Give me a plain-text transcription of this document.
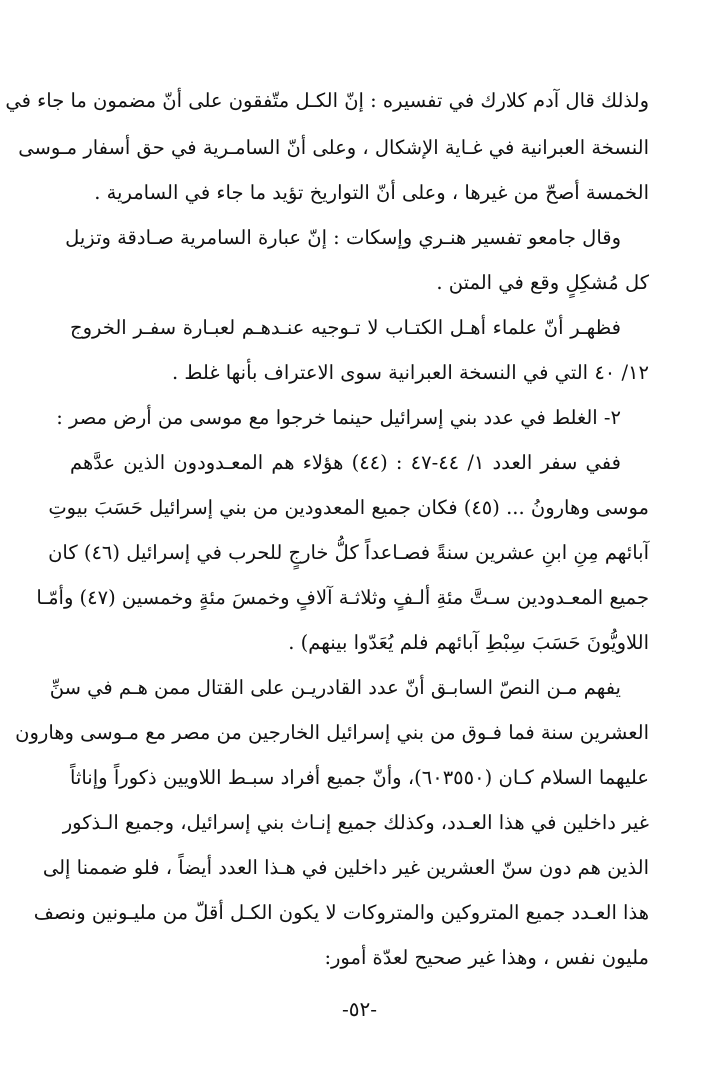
ولذلك قال آدم كلارك في تفسيره : إنّ الكـل متّفقون على أنّ مضمون ما جاء في
النسخة العبرانية في غـاية الإشكال ، وعلى أنّ السامـرية في حق أسفار مـوسى
الخمسة أصحّ من غيرها ، وعلى أنّ التواريخ تؤيد ما جاء في السامرية .
وقال جامعو تفسير هنـري وإسكات : إنّ عبارة السامرية صـادقة وتزيل
كل مُشكِلٍ وقع في المتن .
فظهـر أنّ علماء أهـل الكتـاب لا تـوجيه عنـدهـم لعبـارة سفـر الخروج
١٢/ ٤٠ التي في النسخة العبرانية سوى الاعتراف بأنها غلط .
٢- الغلط في عدد بني إسرائيل حينما خرجوا مع موسى من أرض مصر :
ففي سفر العدد ١/ ٤٤-٤٧ : (٤٤) هؤلاء هم المعـدودون الذين عدَّهم
موسى وهارونُ ... (٤٥) فكان جميع المعدودين من بني إسرائيل حَسَبَ بيوتِ
آبائهم مِنِ ابنِ عشرين سنةً فصـاعداً كلُّ خارجٍ للحرب في إسرائيل (٤٦) كان
جميع المعـدودين سـتَّ مئةِ ألـفٍ وثلاثـة آلافٍ وخمسَ مئةٍ وخمسين (٤٧) وأمّـا
اللاويُّونَ حَسَبَ سِبْطِ آبائهم فلم يُعَدّوا بينهم) .
يفهم مـن النصّ السابـق أنّ عدد القادريـن على القتال ممن هـم في سنِّ
العشرين سنة فما فـوق من بني إسرائيل الخارجين من مصر مع مـوسى وهارون
عليهما السلام كـان (٦٠٣٥٥٠)، وأنّ جميع أفراد سبـط اللاويين ذكوراً وإناثاً
غير داخلين في هذا العـدد، وكذلك جميع إنـاث بني إسرائيل، وجميع الـذكور
الذين هم دون سنّ العشرين غير داخلين في هـذا العدد أيضاً ، فلو ضممنا إلى
هذا العـدد جميع المتروكين والمتروكات لا يكون الكـل أقلّ من مليـونين ونصف
مليون نفس ، وهذا غير صحيح لعدّة أمور:
-٥٢-
